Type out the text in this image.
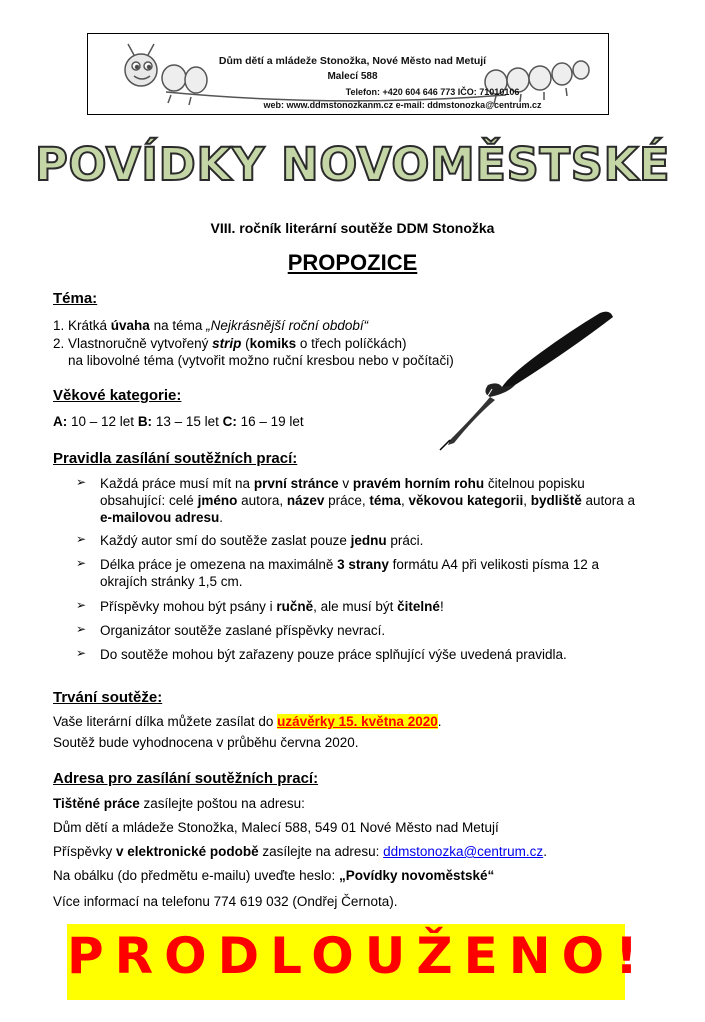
Dům dětí a mládeže Stonožka, Nové Město nad Metují
Malecí 588
Telefon: +420 604 646 773 IČO: 71010106
web: www.ddmstonozkanm.cz e-mail: ddmstonozka@centrum.cz
POVÍDKY NOVOMĚSTSKÉ
VIII. ročník literární soutěže DDM Stonožka
PROPOZICE
Téma:
1. Krátká úvaha na téma „Nejkrásnější roční období“
2. Vlastnoručně vytvořený strip (komiks o třech políčkách)
na libovolné téma (vytvořit možno ruční kresbou nebo v počítači)
Věkové kategorie:
A: 10 – 12 let B: 13 – 15 let C: 16 – 19 let
Pravidla zasílání soutěžních prací:
➢ Každá práce musí mít na první stránce v pravém horním rohu čitelnou popisku obsahující: celé jméno autora, název práce, téma, věkovou kategorii, bydliště autora a e-mailovou adresu.
➢ Každý autor smí do soutěže zaslat pouze jednu práci.
➢ Délka práce je omezena na maximálně 3 strany formátu A4 při velikosti písma 12 a okrajích stránky 1,5 cm.
➢ Příspěvky mohou být psány i ručně, ale musí být čitelné!
➢ Organizátor soutěže zaslané příspěvky nevrací.
➢ Do soutěže mohou být zařazeny pouze práce splňující výše uvedená pravidla.
Trvání soutěže:
Vaše literární dílka můžete zasílat do uzávěrky 15. května 2020.
Soutěž bude vyhodnocena v průběhu června 2020.
Adresa pro zasílání soutěžních prací:
Tištěné práce zasílejte poštou na adresu:
Dům dětí a mládeže Stonožka, Malecí 588, 549 01 Nové Město nad Metují
Příspěvky v elektronické podobě zasílejte na adresu: ddmstonozka@centrum.cz.
Na obálku (do předmětu e-mailu) uveďte heslo: „Povídky novoměstské“
Více informací na telefonu 774 619 032 (Ondřej Černota).
PRODLOUŽENO!
